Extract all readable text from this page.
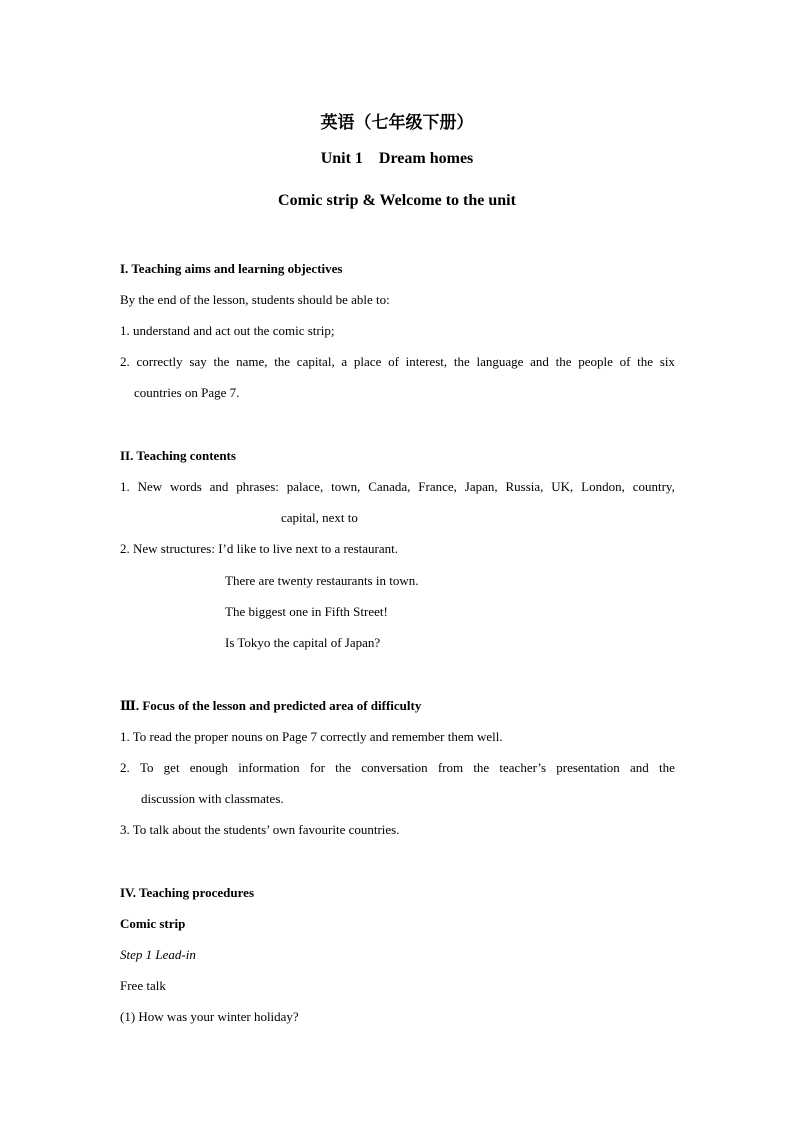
英语（七年级下册）
Unit 1    Dream homes
Comic strip & Welcome to the unit
I. Teaching aims and learning objectives
By the end of the lesson, students should be able to:
1. understand and act out the comic strip;
2. correctly say the name, the capital, a place of interest, the language and the people of the six
countries on Page 7.
II. Teaching contents
1. New words and phrases: palace, town, Canada, France, Japan, Russia, UK, London, country,
capital, next to
2. New structures: I’d like to live next to a restaurant.
There are twenty restaurants in town.
The biggest one in Fifth Street!
Is Tokyo the capital of Japan?
Ⅲ. Focus of the lesson and predicted area of difficulty
1. To read the proper nouns on Page 7 correctly and remember them well.
2. To get enough information for the conversation from the teacher’s presentation and the
discussion with classmates.
3. To talk about the students’ own favourite countries.
IV. Teaching procedures
Comic strip
Step 1 Lead-in
Free talk
(1) How was your winter holiday?
